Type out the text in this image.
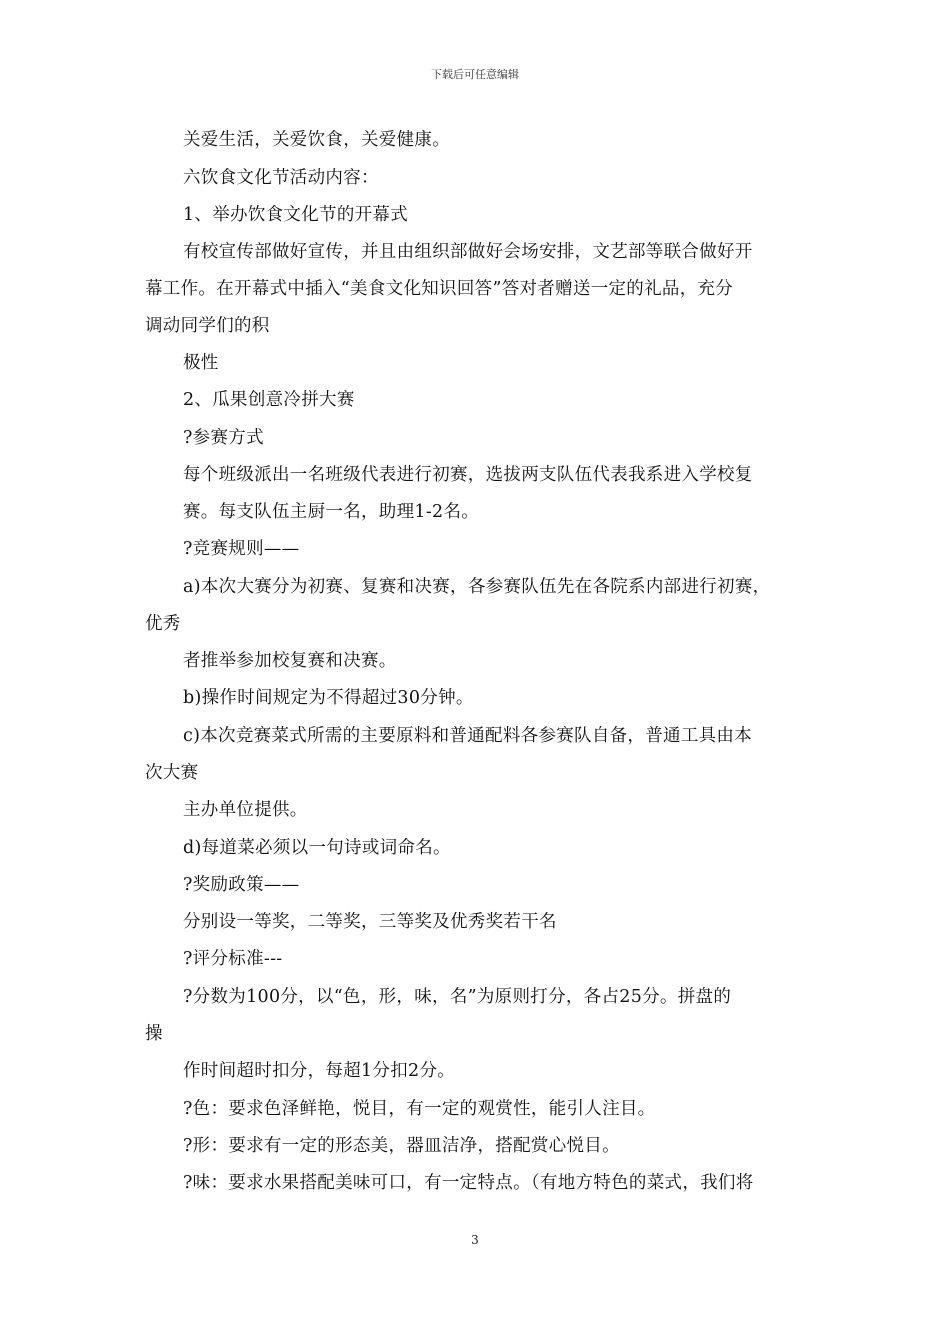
下载后可任意编辑
关爱生活，关爱饮食，关爱健康。
六饮食文化节活动内容：
1、举办饮食文化节的开幕式
有校宣传部做好宣传，并且由组织部做好会场安排，文艺部等联合做好开
幕工作。在开幕式中插入“美食文化知识回答”答对者赠送一定的礼品，充分
调动同学们的积
极性
2、瓜果创意冷拼大赛
?参赛方式
每个班级派出一名班级代表进行初赛，选拔两支队伍代表我系进入学校复
赛。每支队伍主厨一名，助理1-2名。
?竞赛规则——
a)本次大赛分为初赛、复赛和决赛，各参赛队伍先在各院系内部进行初赛，
优秀
者推举参加校复赛和决赛。
b)操作时间规定为不得超过30分钟。
c)本次竞赛菜式所需的主要原料和普通配料各参赛队自备，普通工具由本
次大赛
主办单位提供。
d)每道菜必须以一句诗或词命名。
?奖励政策——
分别设一等奖，二等奖，三等奖及优秀奖若干名
?评分标准---
?分数为100分，以“色，形，味，名”为原则打分，各占25分。拼盘的
操
作时间超时扣分，每超1分扣2分。
?色：要求色泽鲜艳，悦目，有一定的观赏性，能引人注目。
?形：要求有一定的形态美，器皿洁净，搭配赏心悦目。
?味：要求水果搭配美味可口，有一定特点。（有地方特色的菜式，我们将
3
